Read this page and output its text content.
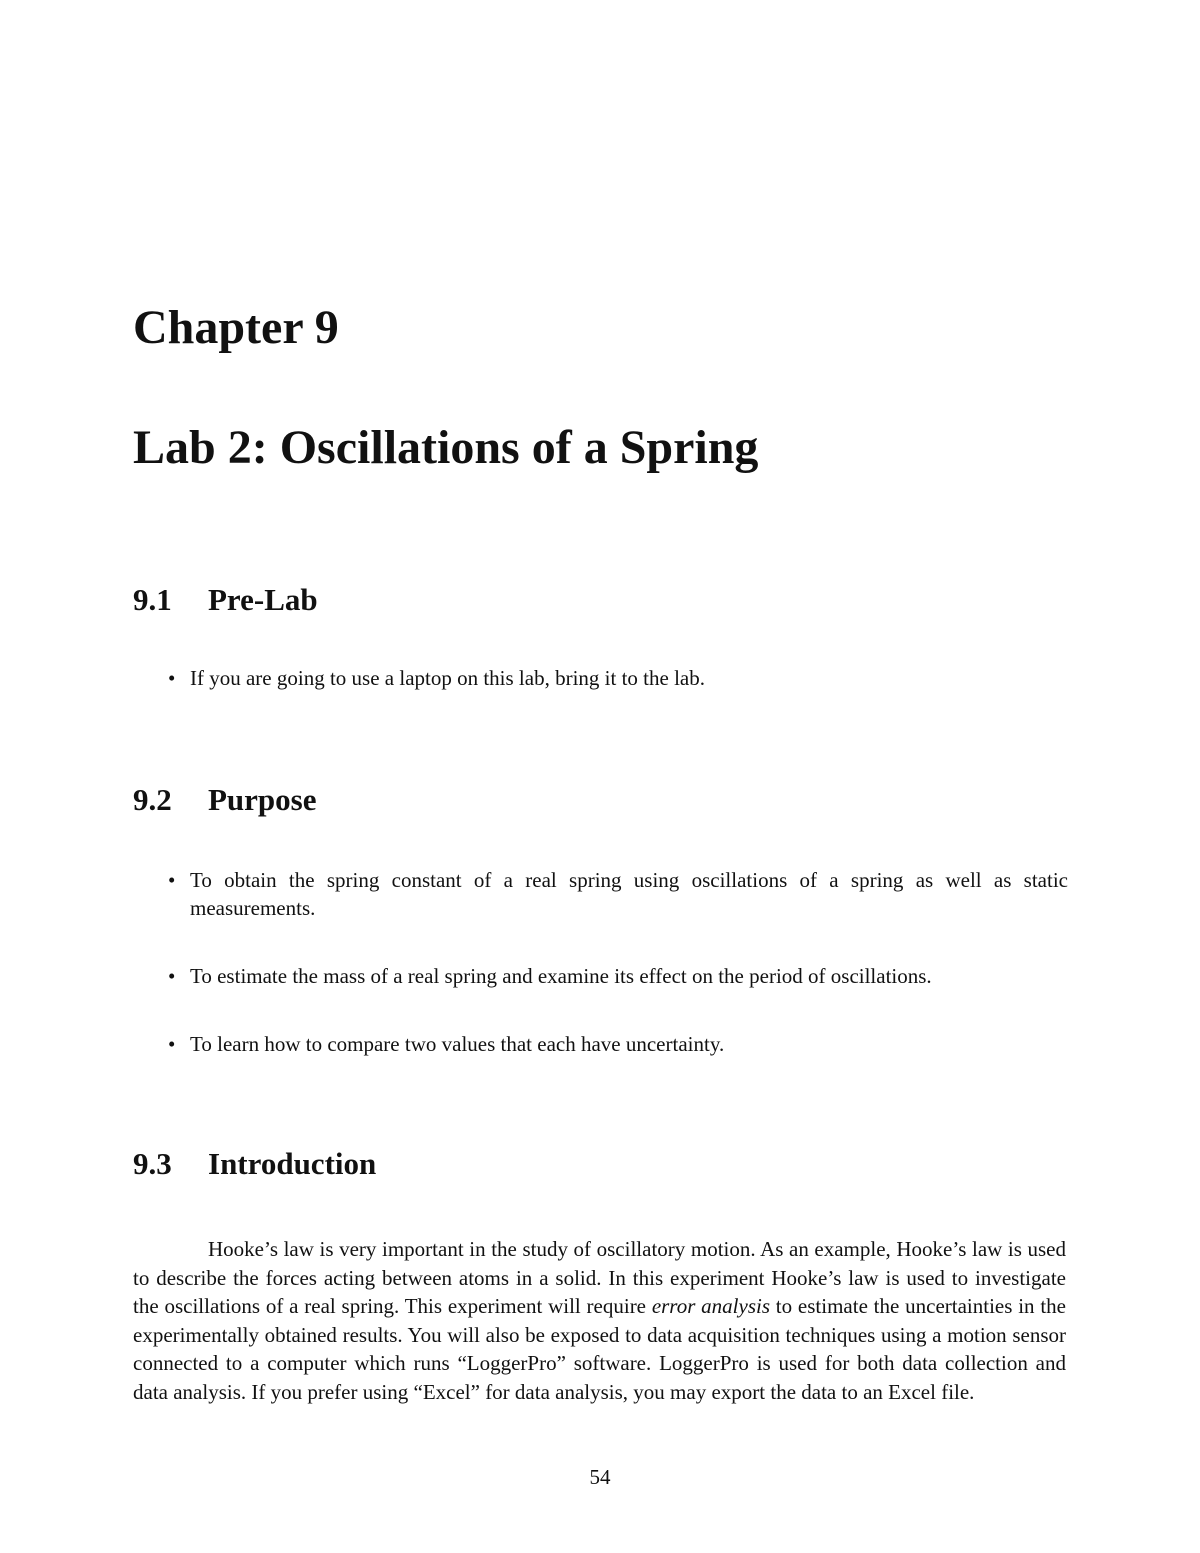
Chapter 9
Lab 2: Oscillations of a Spring
9.1 Pre-Lab
• If you are going to use a laptop on this lab, bring it to the lab.
9.2 Purpose
• To obtain the spring constant of a real spring using oscillations of a spring as well as static measurements.
• To estimate the mass of a real spring and examine its effect on the period of oscillations.
• To learn how to compare two values that each have uncertainty.
9.3 Introduction

Hooke’s law is very important in the study of oscillatory motion. As an example, Hooke’s law is used to describe the forces acting between atoms in a solid. In this experiment Hooke’s law is used to investigate the oscillations of a real spring. This experiment will require error analysis to estimate the uncertainties in the experimentally obtained results. You will also be exposed to data acquisition techniques using a motion sensor connected to a computer which runs “LoggerPro” software. LoggerPro is used for both data collection and data analysis. If you prefer using “Excel” for data analysis, you may export the data to an Excel file.

54
